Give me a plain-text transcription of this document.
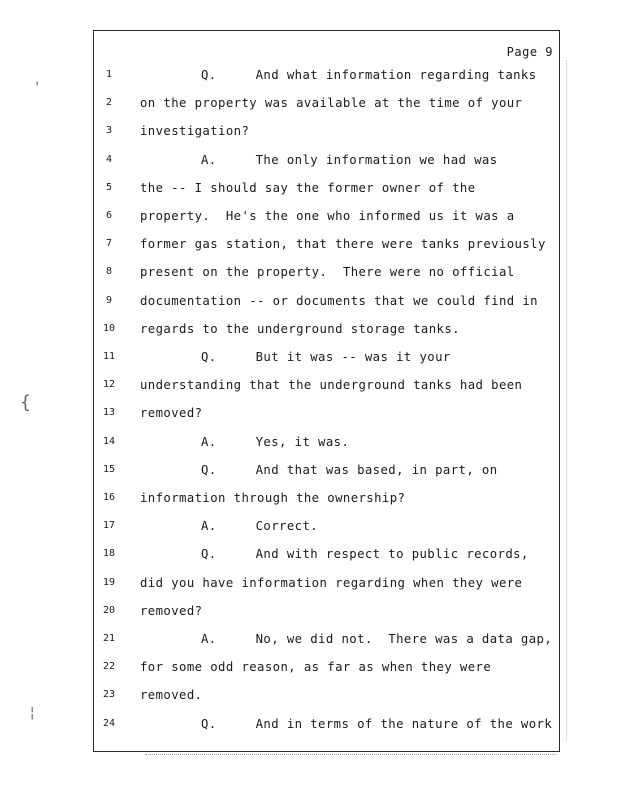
'
{
¦
Page 9
1	Q.     And what information regarding tanks
2	on the property was available at the time of your
3	investigation?
4	A.     The only information we had was
5	the -- I should say the former owner of the
6	property.  He's the one who informed us it was a
7	former gas station, that there were tanks previously
8	present on the property.  There were no official
9	documentation -- or documents that we could find in
10 regards to the underground storage tanks.
11	Q.     But it was -- was it your
12 understanding that the underground tanks had been
13 removed?
14	A.     Yes, it was.
15	Q.     And that was based, in part, on
16 information through the ownership?
17	A.     Correct.
18	Q.     And with respect to public records,
19 did you have information regarding when they were
20 removed?
21	A.     No, we did not.  There was a data gap,
22 for some odd reason, as far as when they were
23 removed.
24	Q.     And in terms of the nature of the work
